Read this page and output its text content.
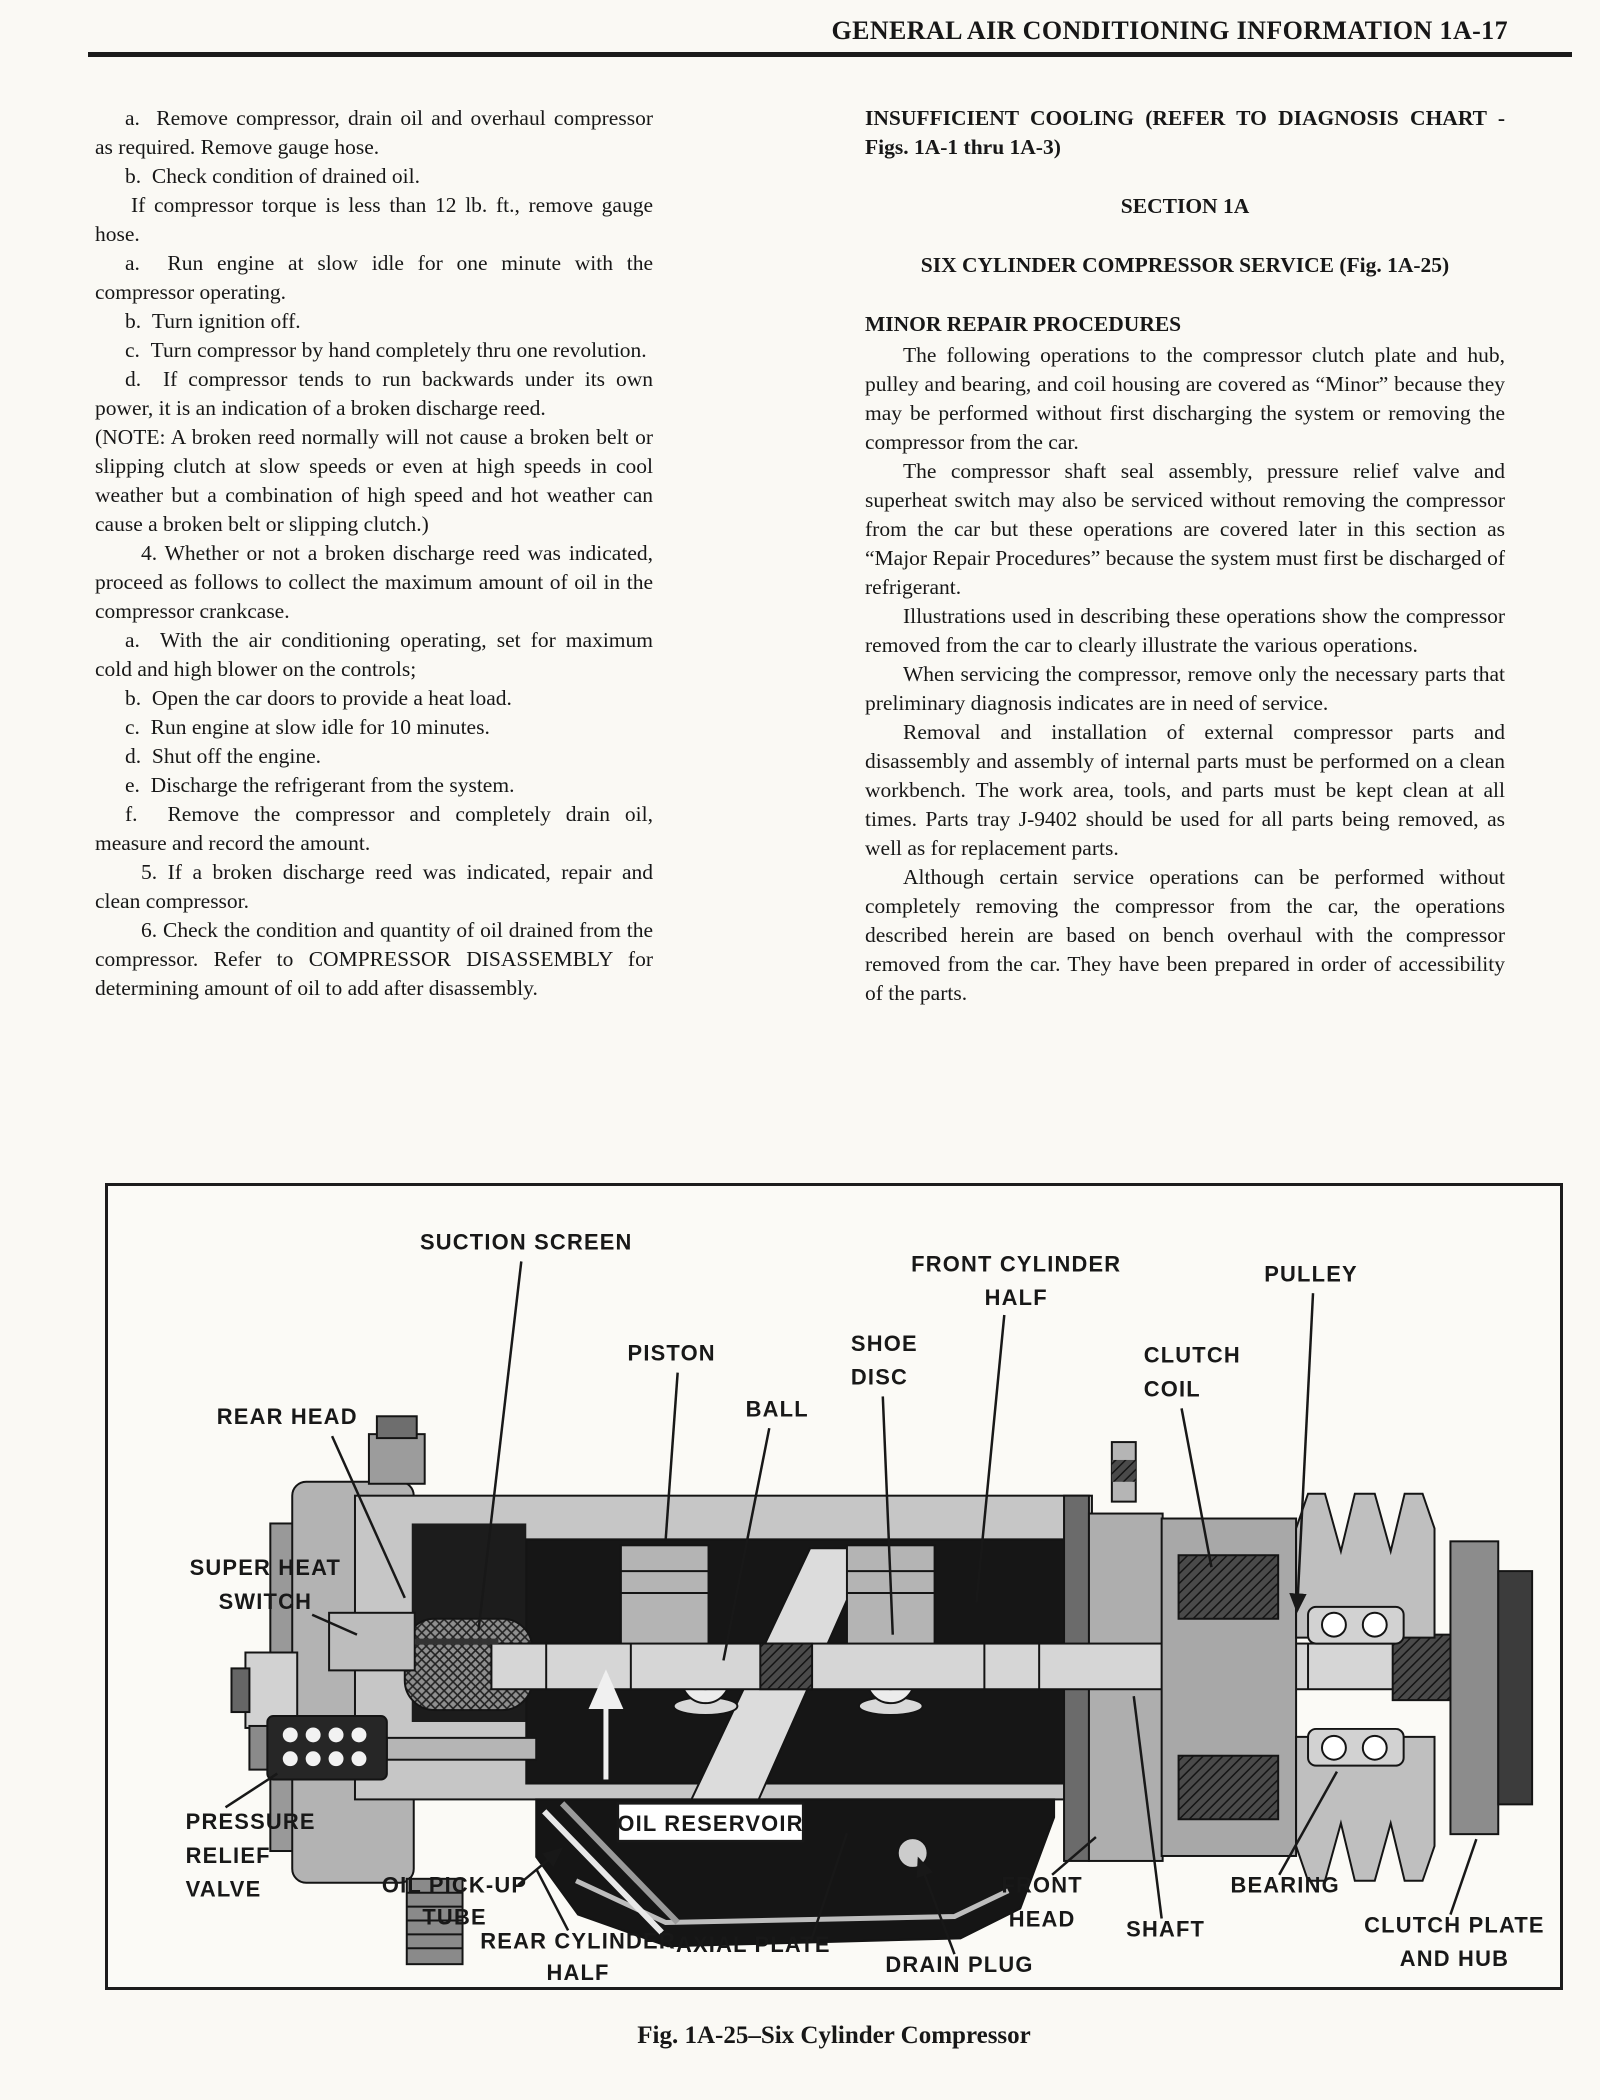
GENERAL AIR CONDITIONING INFORMATION 1A-17

a.  Remove compressor, drain oil and overhaul compressor as required. Remove gauge hose.

b.  Check condition of drained oil.

If compressor torque is less than 12 lb. ft., remove gauge hose.

a.  Run engine at slow idle for one minute with the compressor operating.

b.  Turn ignition off.

c.  Turn compressor by hand completely thru one revolution.

d.  If compressor tends to run backwards under its own power, it is an indication of a broken discharge reed.

(NOTE: A broken reed normally will not cause a broken belt or slipping clutch at slow speeds or even at high speeds in cool weather but a combination of high speed and hot weather can cause a broken belt or slipping clutch.)

4. Whether or not a broken discharge reed was indicated, proceed as follows to collect the maximum amount of oil in the compressor crankcase.

a.  With the air conditioning operating, set for maximum cold and high blower on the controls;

b.  Open the car doors to provide a heat load.

c.  Run engine at slow idle for 10 minutes.

d.  Shut off the engine.

e.  Discharge the refrigerant from the system.

f.  Remove the compressor and completely drain oil, measure and record the amount.

5. If a broken discharge reed was indicated, repair and clean compressor.

6. Check the condition and quantity of oil drained from the compressor. Refer to COMPRESSOR DISASSEMBLY for determining amount of oil to add after disassembly.

INSUFFICIENT COOLING (REFER TO DIAGNOSIS CHART - Figs. 1A-1 thru 1A-3)

SECTION 1A

SIX CYLINDER COMPRESSOR SERVICE (Fig. 1A-25)

MINOR REPAIR PROCEDURES

The following operations to the compressor clutch plate and hub, pulley and bearing, and coil housing are covered as “Minor” because they may be performed without first discharging the system or removing the compressor from the car.

The compressor shaft seal assembly, pressure relief valve and superheat switch may also be serviced without removing the compressor from the car but these operations are covered later in this section as “Major Repair Procedures” because the system must first be discharged of refrigerant.

Illustrations used in describing these operations show the compressor removed from the car to clearly illustrate the various operations.

When servicing the compressor, remove only the necessary parts that preliminary diagnosis indicates are in need of service.

Removal and installation of external compressor parts and disassembly and assembly of internal parts must be performed on a clean workbench. The work area, tools, and parts must be kept clean at all times. Parts tray J-9402 should be used for all parts being removed, as well as for replacement parts.

Although certain service operations can be performed without completely removing the compressor from the car, the operations described herein are based on bench overhaul with the compressor removed from the car. They have been prepared in order of accessibility of the parts.

REAR HEAD
SUCTION SCREEN
PISTON
BALL
SHOE
DISC
FRONT CYLINDER
HALF
CLUTCH
COIL
PULLEY
SUPER HEAT
SWITCH
PRESSURE
RELIEF
VALVE
OIL RESERVOIR
OIL PICK-UP
TUBE
REAR CYLINDER
HALF
AXIAL PLATE
DRAIN PLUG
FRONT
HEAD SHAFT
BEARING
CLUTCH PLATE
AND HUB
Fig. 1A-25–Six Cylinder Compressor
